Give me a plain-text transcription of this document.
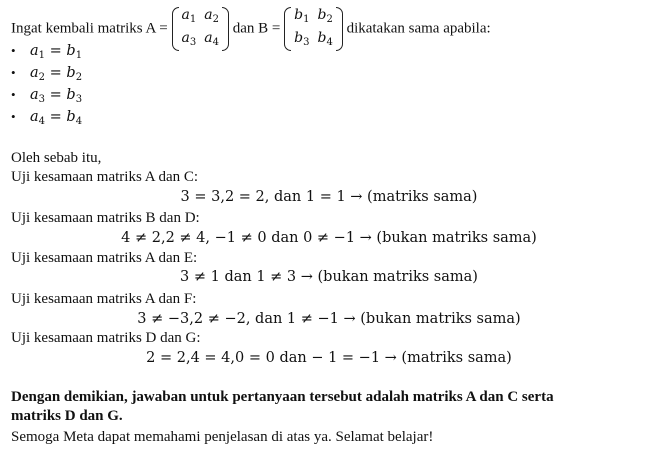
Ingat kembali matriks A =
$a_1$	$a_2$
$a_3$	$a_4$
dan B =
$b_1$	$b_2$
$b_3$	$b_4$
dikatakan sama apabila:
• $a_1 = b_1$
• $a_2 = b_2$
• $a_3 = b_3$
• $a_4 = b_4$
Oleh sebab itu,
Uji kesamaan matriks A dan C:
3 = 3,2 = 2, dan 1 = 1 → (matriks sama)
Uji kesamaan matriks B dan D:
4 ≠ 2,2 ≠ 4, −1 ≠ 0 dan 0 ≠ −1 → (bukan matriks sama)
Uji kesamaan matriks A dan E:
3 ≠ 1 dan 1 ≠ 3 → (bukan matriks sama)
Uji kesamaan matriks A dan F:
3 ≠ −3,2 ≠ −2, dan 1 ≠ −1 → (bukan matriks sama)
Uji kesamaan matriks D dan G:
2 = 2,4 = 4,0 = 0 dan − 1 = −1 → (matriks sama)
Dengan demikian, jawaban untuk pertanyaan tersebut adalah matriks A dan C serta
matriks D dan G.
Semoga Meta dapat memahami penjelasan di atas ya. Selamat belajar!
